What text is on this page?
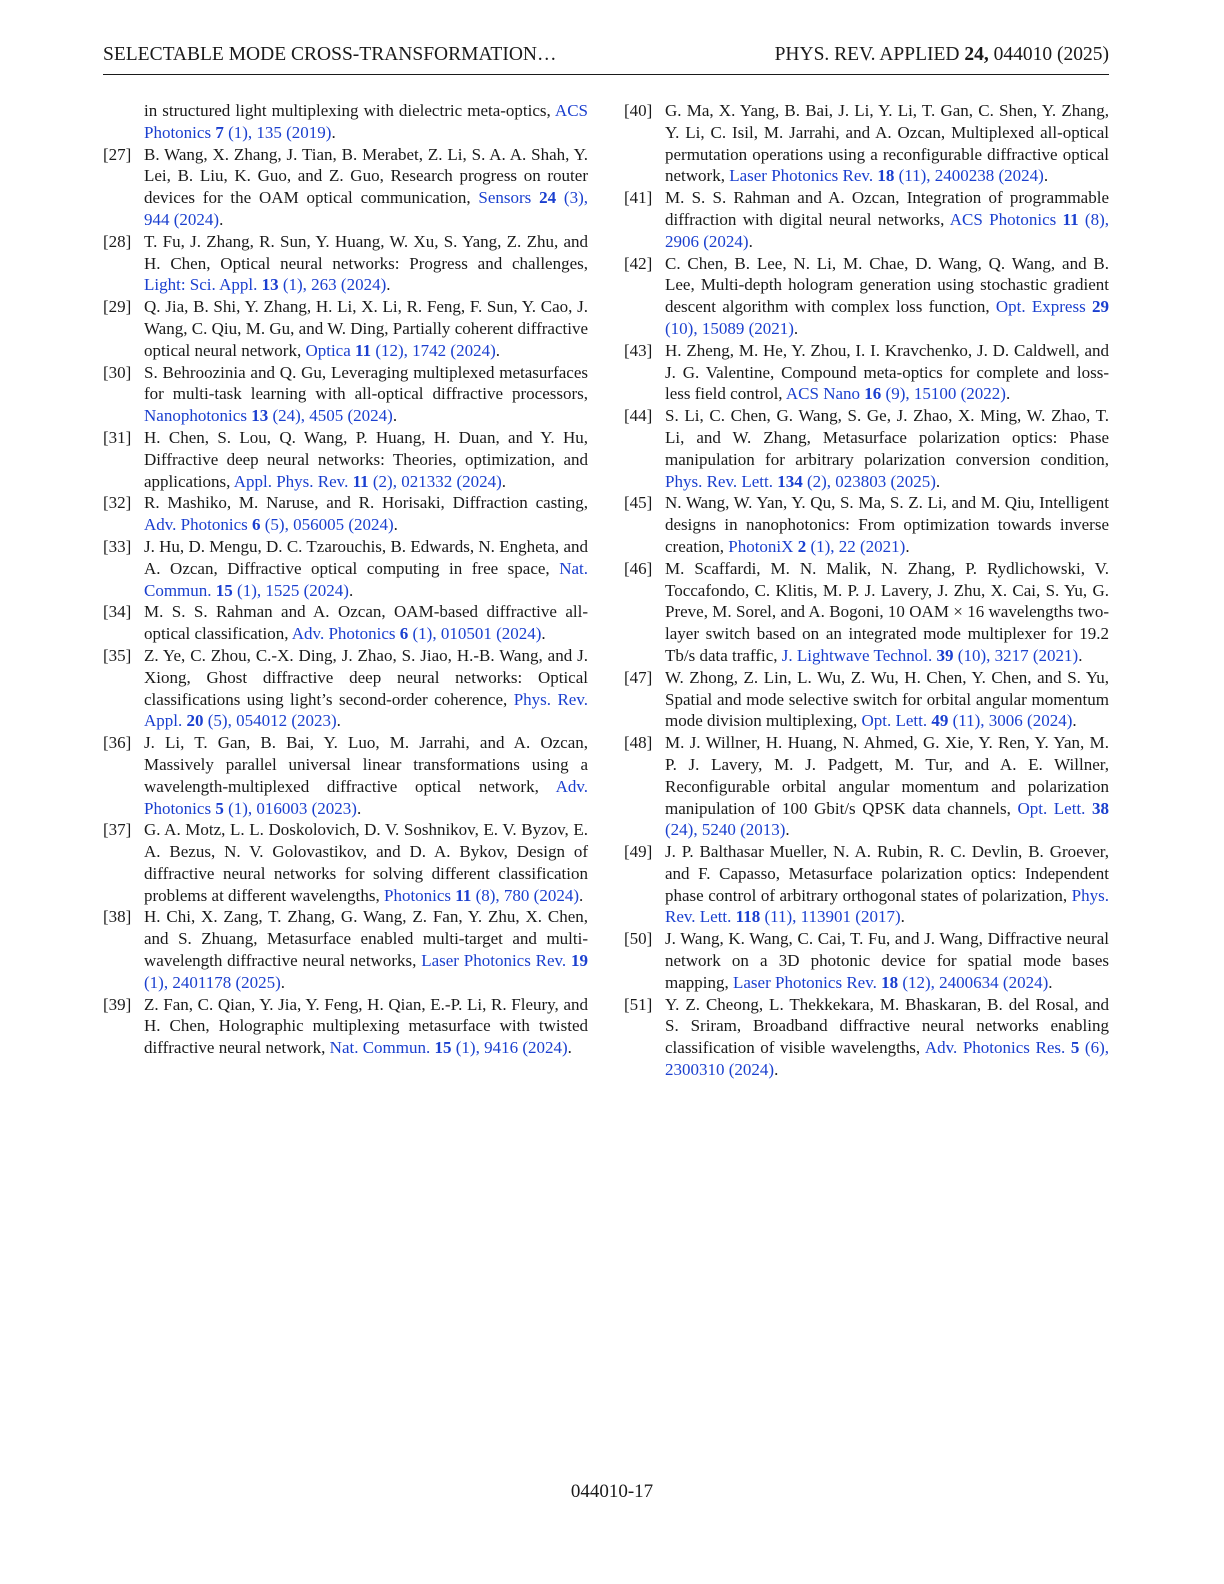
SELECTABLE MODE CROSS-TRANSFORMATION…	PHYS. REV. APPLIED 24, 044010 (2025)
in structured light multiplexing with dielectric meta-optics, ACS Photonics 7 (1), 135 (2019).
[27] B. Wang, X. Zhang, J. Tian, B. Merabet, Z. Li, S. A. A. Shah, Y. Lei, B. Liu, K. Guo, and Z. Guo, Research progress on router devices for the OAM optical communication, Sensors 24 (3), 944 (2024).
[28] T. Fu, J. Zhang, R. Sun, Y. Huang, W. Xu, S. Yang, Z. Zhu, and H. Chen, Optical neural networks: Progress and challenges, Light: Sci. Appl. 13 (1), 263 (2024).
[29] Q. Jia, B. Shi, Y. Zhang, H. Li, X. Li, R. Feng, F. Sun, Y. Cao, J. Wang, C. Qiu, M. Gu, and W. Ding, Partially coherent diffractive optical neural network, Optica 11 (12), 1742 (2024).
[30] S. Behroozinia and Q. Gu, Leveraging multiplexed metasurfaces for multi-task learning with all-optical diffractive processors, Nanophotonics 13 (24), 4505 (2024).
[31] H. Chen, S. Lou, Q. Wang, P. Huang, H. Duan, and Y. Hu, Diffractive deep neural networks: Theories, optimization, and applications, Appl. Phys. Rev. 11 (2), 021332 (2024).
[32] R. Mashiko, M. Naruse, and R. Horisaki, Diffraction casting, Adv. Photonics 6 (5), 056005 (2024).
[33] J. Hu, D. Mengu, D. C. Tzarouchis, B. Edwards, N. Engheta, and A. Ozcan, Diffractive optical computing in free space, Nat. Commun. 15 (1), 1525 (2024).
[34] M. S. S. Rahman and A. Ozcan, OAM-based diffractive all-optical classification, Adv. Photonics 6 (1), 010501 (2024).
[35] Z. Ye, C. Zhou, C.-X. Ding, J. Zhao, S. Jiao, H.-B. Wang, and J. Xiong, Ghost diffractive deep neural networks: Optical classifications using light’s second-order coherence, Phys. Rev. Appl. 20 (5), 054012 (2023).
[36] J. Li, T. Gan, B. Bai, Y. Luo, M. Jarrahi, and A. Ozcan, Massively parallel universal linear transformations using a wavelength-multiplexed diffractive optical network, Adv. Photonics 5 (1), 016003 (2023).
[37] G. A. Motz, L. L. Doskolovich, D. V. Soshnikov, E. V. Byzov, E. A. Bezus, N. V. Golovastikov, and D. A. Bykov, Design of diffractive neural networks for solving different classification problems at different wavelengths, Photonics 11 (8), 780 (2024).
[38] H. Chi, X. Zang, T. Zhang, G. Wang, Z. Fan, Y. Zhu, X. Chen, and S. Zhuang, Metasurface enabled multi-target and multi-wavelength diffractive neural networks, Laser Photonics Rev. 19 (1), 2401178 (2025).
[39] Z. Fan, C. Qian, Y. Jia, Y. Feng, H. Qian, E.-P. Li, R. Fleury, and H. Chen, Holographic multiplexing metasurface with twisted diffractive neural network, Nat. Commun. 15 (1), 9416 (2024).
[40] G. Ma, X. Yang, B. Bai, J. Li, Y. Li, T. Gan, C. Shen, Y. Zhang, Y. Li, C. Isil, M. Jarrahi, and A. Ozcan, Multiplexed all-optical permutation operations using a reconfigurable diffractive optical network, Laser Photonics Rev. 18 (11), 2400238 (2024).
[41] M. S. S. Rahman and A. Ozcan, Integration of programmable diffraction with digital neural networks, ACS Photonics 11 (8), 2906 (2024).
[42] C. Chen, B. Lee, N. Li, M. Chae, D. Wang, Q. Wang, and B. Lee, Multi-depth hologram generation using stochastic gradient descent algorithm with complex loss function, Opt. Express 29 (10), 15089 (2021).
[43] H. Zheng, M. He, Y. Zhou, I. I. Kravchenko, J. D. Caldwell, and J. G. Valentine, Compound meta-optics for complete and loss-less field control, ACS Nano 16 (9), 15100 (2022).
[44] S. Li, C. Chen, G. Wang, S. Ge, J. Zhao, X. Ming, W. Zhao, T. Li, and W. Zhang, Metasurface polarization optics: Phase manipulation for arbitrary polarization conversion condition, Phys. Rev. Lett. 134 (2), 023803 (2025).
[45] N. Wang, W. Yan, Y. Qu, S. Ma, S. Z. Li, and M. Qiu, Intelligent designs in nanophotonics: From optimization towards inverse creation, PhotoniX 2 (1), 22 (2021).
[46] M. Scaffardi, M. N. Malik, N. Zhang, P. Rydlichowski, V. Toccafondo, C. Klitis, M. P. J. Lavery, J. Zhu, X. Cai, S. Yu, G. Preve, M. Sorel, and A. Bogoni, 10 OAM × 16 wavelengths two-layer switch based on an integrated mode multiplexer for 19.2 Tb/s data traffic, J. Lightwave Technol. 39 (10), 3217 (2021).
[47] W. Zhong, Z. Lin, L. Wu, Z. Wu, H. Chen, Y. Chen, and S. Yu, Spatial and mode selective switch for orbital angular momentum mode division multiplexing, Opt. Lett. 49 (11), 3006 (2024).
[48] M. J. Willner, H. Huang, N. Ahmed, G. Xie, Y. Ren, Y. Yan, M. P. J. Lavery, M. J. Padgett, M. Tur, and A. E. Willner, Reconfigurable orbital angular momentum and polarization manipulation of 100 Gbit/s QPSK data channels, Opt. Lett. 38 (24), 5240 (2013).
[49] J. P. Balthasar Mueller, N. A. Rubin, R. C. Devlin, B. Groever, and F. Capasso, Metasurface polarization optics: Independent phase control of arbitrary orthogonal states of polarization, Phys. Rev. Lett. 118 (11), 113901 (2017).
[50] J. Wang, K. Wang, C. Cai, T. Fu, and J. Wang, Diffractive neural network on a 3D photonic device for spatial mode bases mapping, Laser Photonics Rev. 18 (12), 2400634 (2024).
[51] Y. Z. Cheong, L. Thekkekara, M. Bhaskaran, B. del Rosal, and S. Sriram, Broadband diffractive neural networks enabling classification of visible wavelengths, Adv. Photonics Res. 5 (6), 2300310 (2024).
044010-17
